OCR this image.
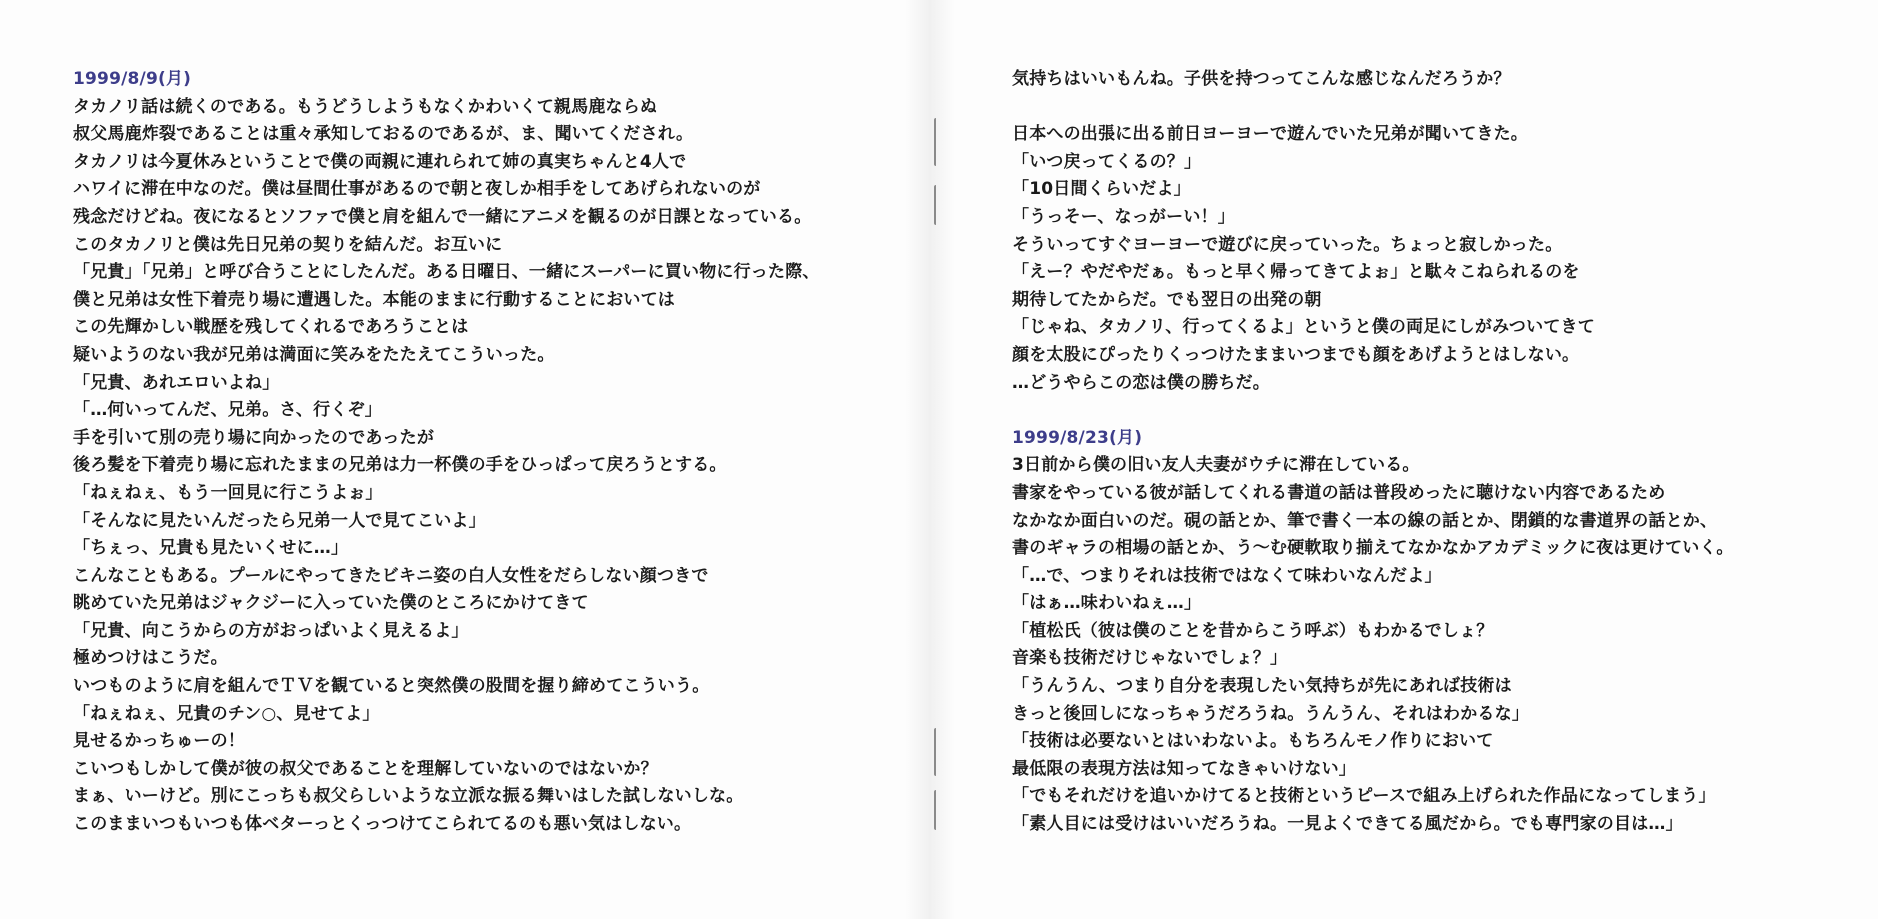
1999/8/9(月)
タカノリ話は続くのである。もうどうしようもなくかわいくて親馬鹿ならぬ
叔父馬鹿炸裂であることは重々承知しておるのであるが、ま、聞いてくだされ。
タカノリは今夏休みということで僕の両親に連れられて姉の真実ちゃんと4人で
ハワイに滞在中なのだ。僕は昼間仕事があるので朝と夜しか相手をしてあげられないのが
残念だけどね。夜になるとソファで僕と肩を組んで一緒にアニメを観るのが日課となっている。
このタカノリと僕は先日兄弟の契りを結んだ。お互いに
「兄貴」「兄弟」と呼び合うことにしたんだ。ある日曜日、一緒にスーパーに買い物に行った際、
僕と兄弟は女性下着売り場に遭遇した。本能のままに行動することにおいては
この先輝かしい戦歴を残してくれるであろうことは
疑いようのない我が兄弟は満面に笑みをたたえてこういった。
「兄貴、あれエロいよね」
「…何いってんだ、兄弟。さ、行くぞ」
手を引いて別の売り場に向かったのであったが
後ろ髪を下着売り場に忘れたままの兄弟は力一杯僕の手をひっぱって戻ろうとする。
「ねぇねぇ、もう一回見に行こうよぉ」
「そんなに見たいんだったら兄弟一人で見てこいよ」
「ちぇっ、兄貴も見たいくせに…」
こんなこともある。プールにやってきたビキニ姿の白人女性をだらしない顔つきで
眺めていた兄弟はジャクジーに入っていた僕のところにかけてきて
「兄貴、向こうからの方がおっぱいよく見えるよ」
極めつけはこうだ。
いつものように肩を組んでＴＶを観ていると突然僕の股間を握り締めてこういう。
「ねぇねぇ、兄貴のチン○、見せてよ」
見せるかっちゅーの！
こいつもしかして僕が彼の叔父であることを理解していないのではないか？
まぁ、いーけど。別にこっちも叔父らしいような立派な振る舞いはした試しないしな。
このままいつもいつも体ベターっとくっつけてこられてるのも悪い気はしない。
気持ちはいいもんね。子供を持つってこんな感じなんだろうか？
日本への出張に出る前日ヨーヨーで遊んでいた兄弟が聞いてきた。
「いつ戻ってくるの？」
「10日間くらいだよ」
「うっそー、なっがーい！」
そういってすぐヨーヨーで遊びに戻っていった。ちょっと寂しかった。
「えー？やだやだぁ。もっと早く帰ってきてよぉ」と駄々こねられるのを
期待してたからだ。でも翌日の出発の朝
「じゃね、タカノリ、行ってくるよ」というと僕の両足にしがみついてきて
顔を太股にぴったりくっつけたままいつまでも顔をあげようとはしない。
…どうやらこの恋は僕の勝ちだ。
1999/8/23(月)
3日前から僕の旧い友人夫妻がウチに滞在している。
書家をやっている彼が話してくれる書道の話は普段めったに聴けない内容であるため
なかなか面白いのだ。硯の話とか、筆で書く一本の線の話とか、閉鎖的な書道界の話とか、
書のギャラの相場の話とか、う～む硬軟取り揃えてなかなかアカデミックに夜は更けていく。
「…で、つまりそれは技術ではなくて味わいなんだよ」
「はぁ…味わいねぇ…」
「植松氏（彼は僕のことを昔からこう呼ぶ）もわかるでしょ？
音楽も技術だけじゃないでしょ？」
「うんうん、つまり自分を表現したい気持ちが先にあれば技術は
きっと後回しになっちゃうだろうね。うんうん、それはわかるな」
「技術は必要ないとはいわないよ。もちろんモノ作りにおいて
最低限の表現方法は知ってなきゃいけない」
「でもそれだけを追いかけてると技術というピースで組み上げられた作品になってしまう」
「素人目には受けはいいだろうね。一見よくできてる風だから。でも専門家の目は…」
